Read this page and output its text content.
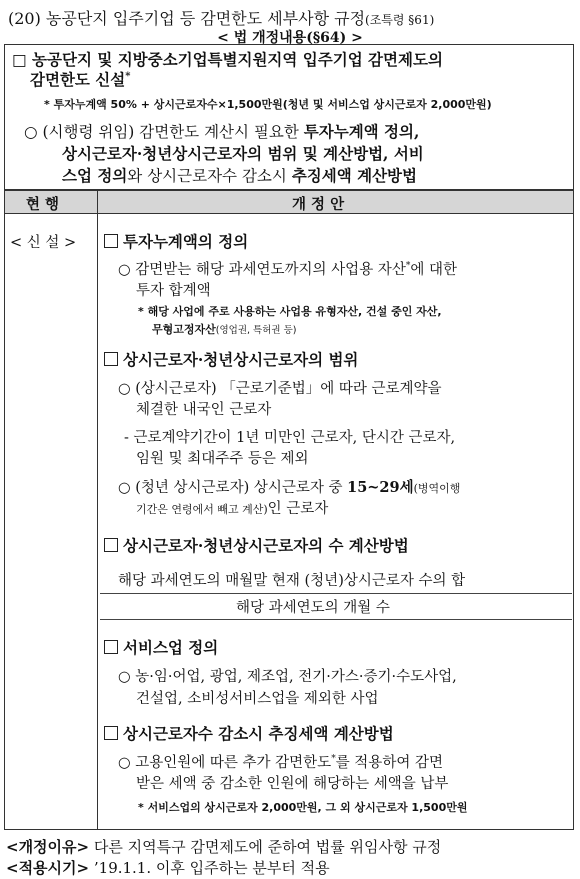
(20) 농공단지 입주기업 등 감면한도 세부사항 규정(조특령 §61)
< 법 개정내용(§64) >
□ 농공단지 및 지방중소기업특별지원지역 입주기업 감면제도의
감면한도 신설*
* 투자누계액 50% + 상시근로자수×1,500만원(청년 및 서비스업 상시근로자 2,000만원)
○ (시행령 위임) 감면한도 계산시 필요한 투자누계액 정의,
상시근로자·청년상시근로자의 범위 및 계산방법, 서비
스업 정의와 상시근로자수 감소시 추징세액 계산방법
현 행	개 정 안
< 신 설 >	투자누계액의 정의
○ 감면받는 해당 과세연도까지의 사업용 자산*에 대한
투자 합계액
* 해당 사업에 주로 사용하는 사업용 유형자산, 건설 중인 자산,
무형고정자산(영업권, 특허권 등)
상시근로자·청년상시근로자의 범위
○ (상시근로자) 「근로기준법」에 따라 근로계약을
체결한 내국인 근로자
- 근로계약기간이 1년 미만인 근로자, 단시간 근로자,
임원 및 최대주주 등은 제외
○ (청년 상시근로자) 상시근로자 중 15~29세(병역이행
기간은 연령에서 빼고 계산)인 근로자
상시근로자·청년상시근로자의 수 계산방법
해당 과세연도의 매월말 현재 (청년)상시근로자 수의 합
해당 과세연도의 개월 수
서비스업 정의
○ 농·임·어업, 광업, 제조업, 전기·가스·증기·수도사업,
건설업, 소비성서비스업을 제외한 사업
상시근로자수 감소시 추징세액 계산방법
○ 고용인원에 따른 추가 감면한도*를 적용하여 감면
받은 세액 중 감소한 인원에 해당하는 세액을 납부
* 서비스업의 상시근로자 2,000만원, 그 외 상시근로자 1,500만원
<개정이유> 다른 지역특구 감면제도에 준하여 법률 위임사항 규정
<적용시기> ’19.1.1. 이후 입주하는 분부터 적용
